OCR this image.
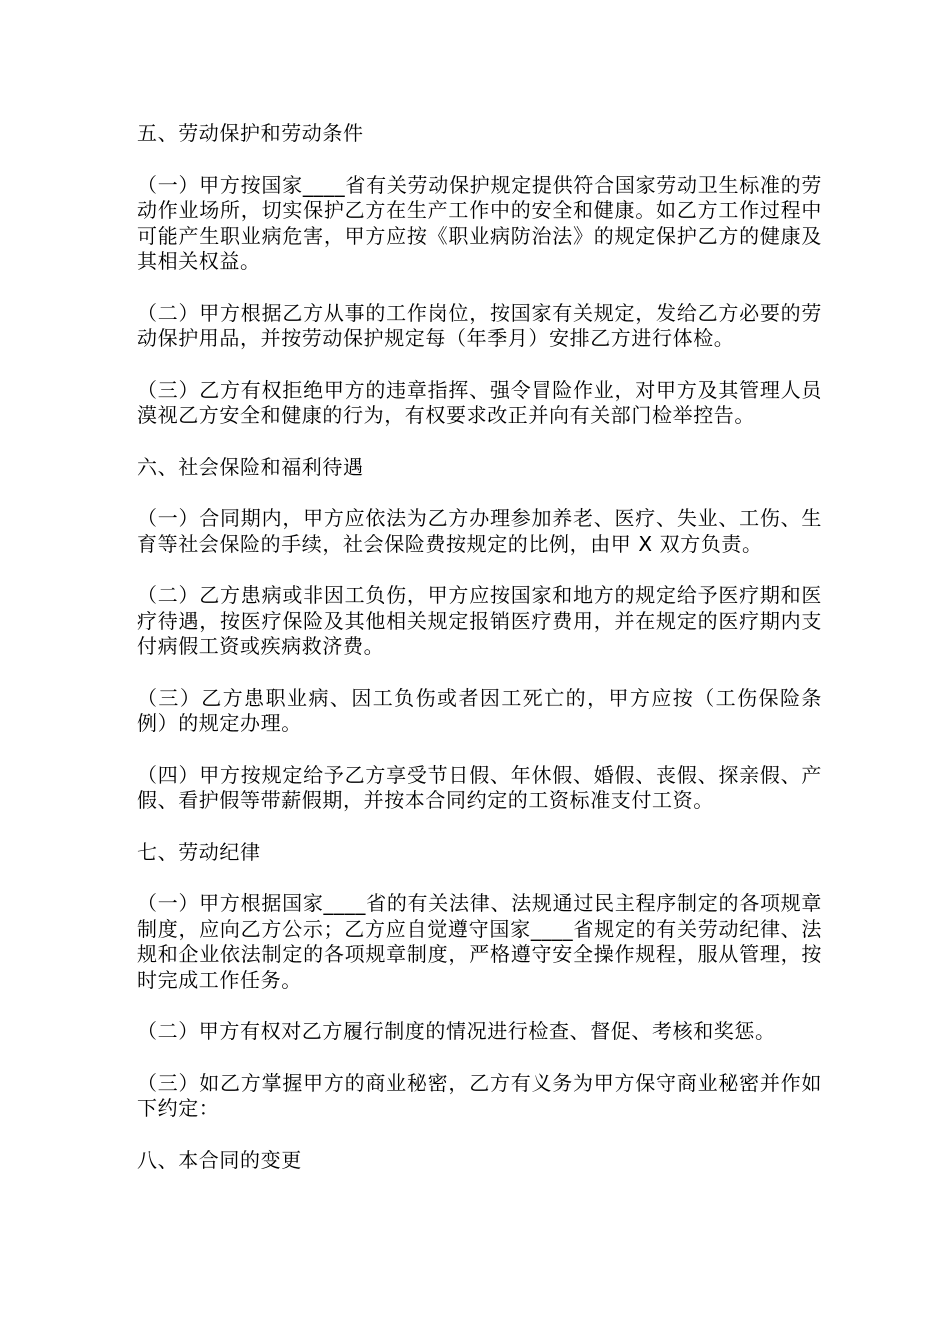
五、劳动保护和劳动条件

（一）甲方按国家____省有关劳动保护规定提供符合国家劳动卫生标准的劳动作业场所，切实保护乙方在生产工作中的安全和健康。如乙方工作过程中可能产生职业病危害，甲方应按《职业病防治法》的规定保护乙方的健康及其相关权益。

（二）甲方根据乙方从事的工作岗位，按国家有关规定，发给乙方必要的劳动保护用品，并按劳动保护规定每（年季月）安排乙方进行体检。

（三）乙方有权拒绝甲方的违章指挥、强令冒险作业，对甲方及其管理人员漠视乙方安全和健康的行为，有权要求改正并向有关部门检举控告。

六、社会保险和福利待遇

（一）合同期内，甲方应依法为乙方办理参加养老、医疗、失业、工伤、生育等社会保险的手续，社会保险费按规定的比例，由甲 X 双方负责。

（二）乙方患病或非因工负伤，甲方应按国家和地方的规定给予医疗期和医疗待遇，按医疗保险及其他相关规定报销医疗费用，并在规定的医疗期内支付病假工资或疾病救济费。

（三）乙方患职业病、因工负伤或者因工死亡的，甲方应按（工伤保险条例）的规定办理。

（四）甲方按规定给予乙方享受节日假、年休假、婚假、丧假、探亲假、产假、看护假等带薪假期，并按本合同约定的工资标准支付工资。

七、劳动纪律

（一）甲方根据国家____省的有关法律、法规通过民主程序制定的各项规章制度，应向乙方公示；乙方应自觉遵守国家____省规定的有关劳动纪律、法规和企业依法制定的各项规章制度，严格遵守安全操作规程，服从管理，按时完成工作任务。

（二）甲方有权对乙方履行制度的情况进行检查、督促、考核和奖惩。

（三）如乙方掌握甲方的商业秘密，乙方有义务为甲方保守商业秘密并作如下约定：

八、本合同的变更
